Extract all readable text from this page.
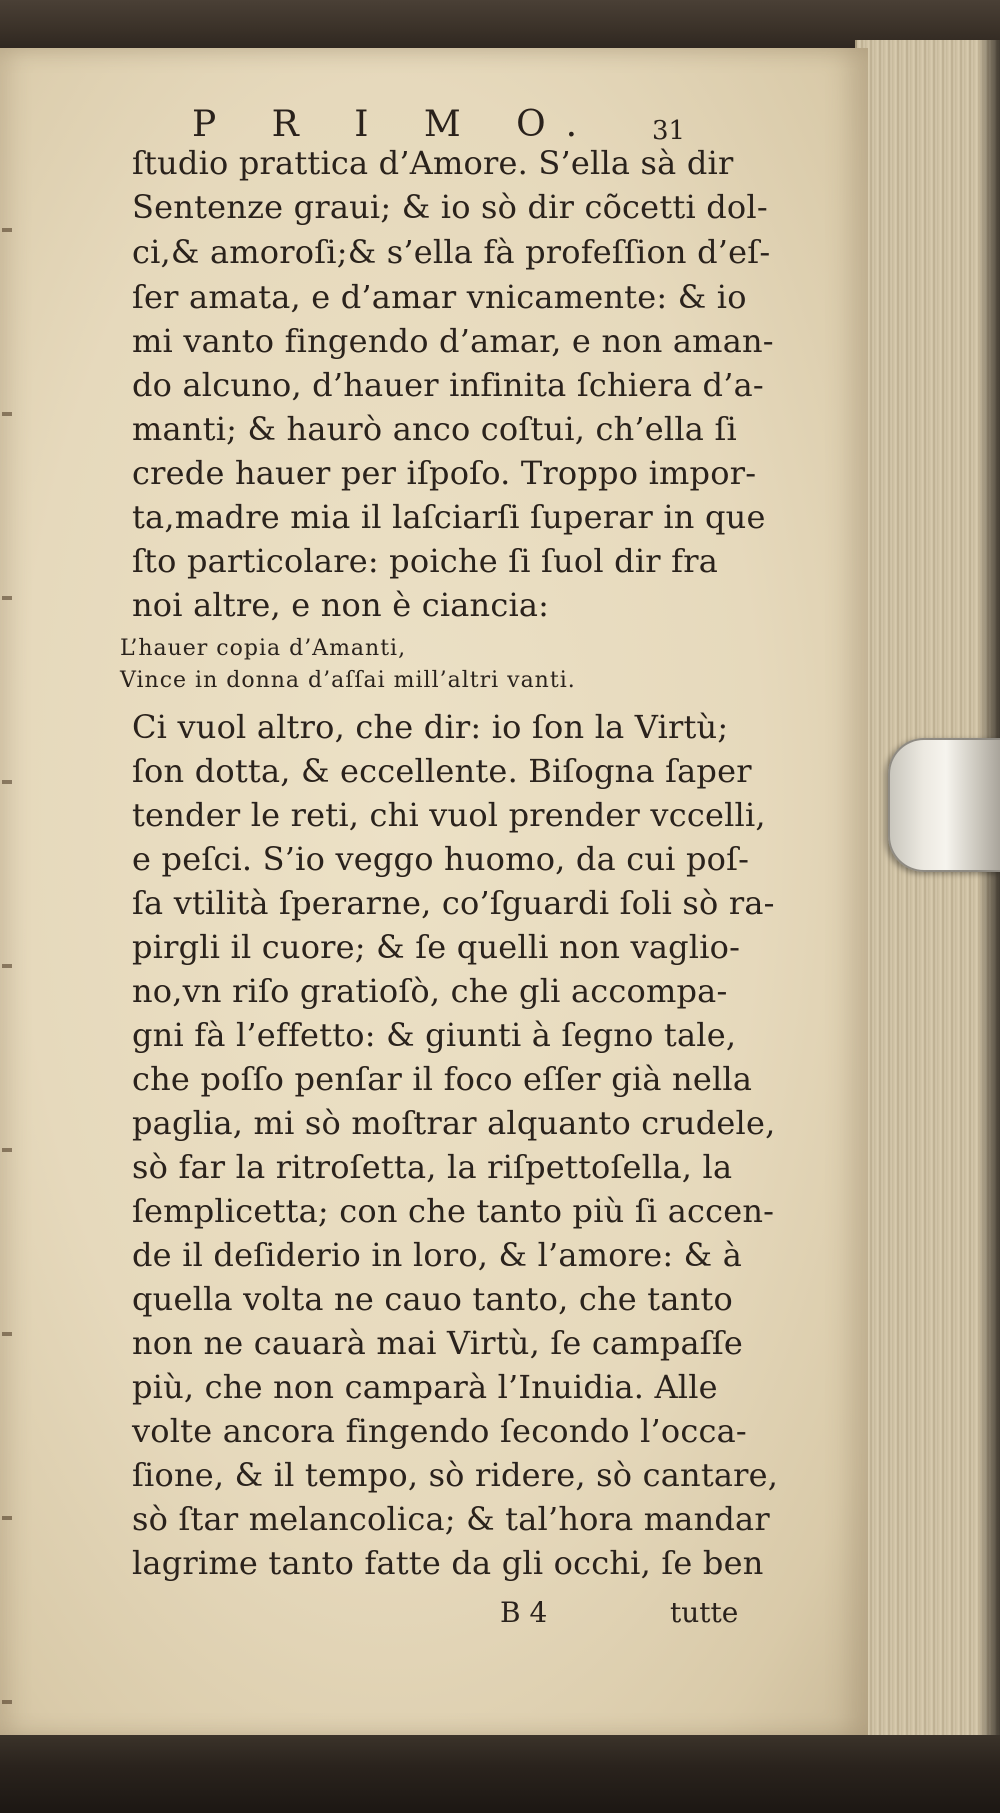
P R I M O. 31
ſtudio prattica d’Amore. S’ella sà dir
Sentenze graui; & io sò dir cõcetti dol-
ci,& amoroſi;& s’ella fà profeſſion d’eſ-
ſer amata, e d’amar vnicamente: & io
mi vanto fingendo d’amar, e non aman-
do alcuno, d’hauer infinita ſchiera d’a-
manti; & haurò anco coſtui, ch’ella ſi
crede hauer per iſpoſo. Troppo impor-
ta,madre mia il laſciarſi ſuperar in que
ſto particolare: poiche ſi ſuol dir fra
noi altre, e non è ciancia:
L’hauer copia d’Amanti,
Vince in donna d’aſſai mill’altri vanti.
Ci vuol altro, che dir: io ſon la Virtù;
ſon dotta, & eccellente. Biſogna ſaper
tender le reti, chi vuol prender vccelli,
e peſci. S’io veggo huomo, da cui poſ-
ſa vtilità ſperarne, co’ſguardi ſoli sò ra-
pirgli il cuore; & ſe quelli non vaglio-
no,vn riſo gratioſò, che gli accompa-
gni fà l’effetto: & giunti à ſegno tale,
che poſſo penſar il foco eſſer già nella
paglia, mi sò moſtrar alquanto crudele,
sò far la ritroſetta, la riſpettoſella, la
ſemplicetta; con che tanto più ſi accen-
de il deſiderio in loro, & l’amore: & à
quella volta ne cauo tanto, che tanto
non ne cauarà mai Virtù, ſe campaſſe
più, che non camparà l’Inuidia. Alle
volte ancora fingendo ſecondo l’occa-
ſione, & il tempo, sò ridere, sò cantare,
sò ſtar melancolica; & tal’hora mandar
lagrime tanto fatte da gli occhi, ſe ben
B 4	tutte
